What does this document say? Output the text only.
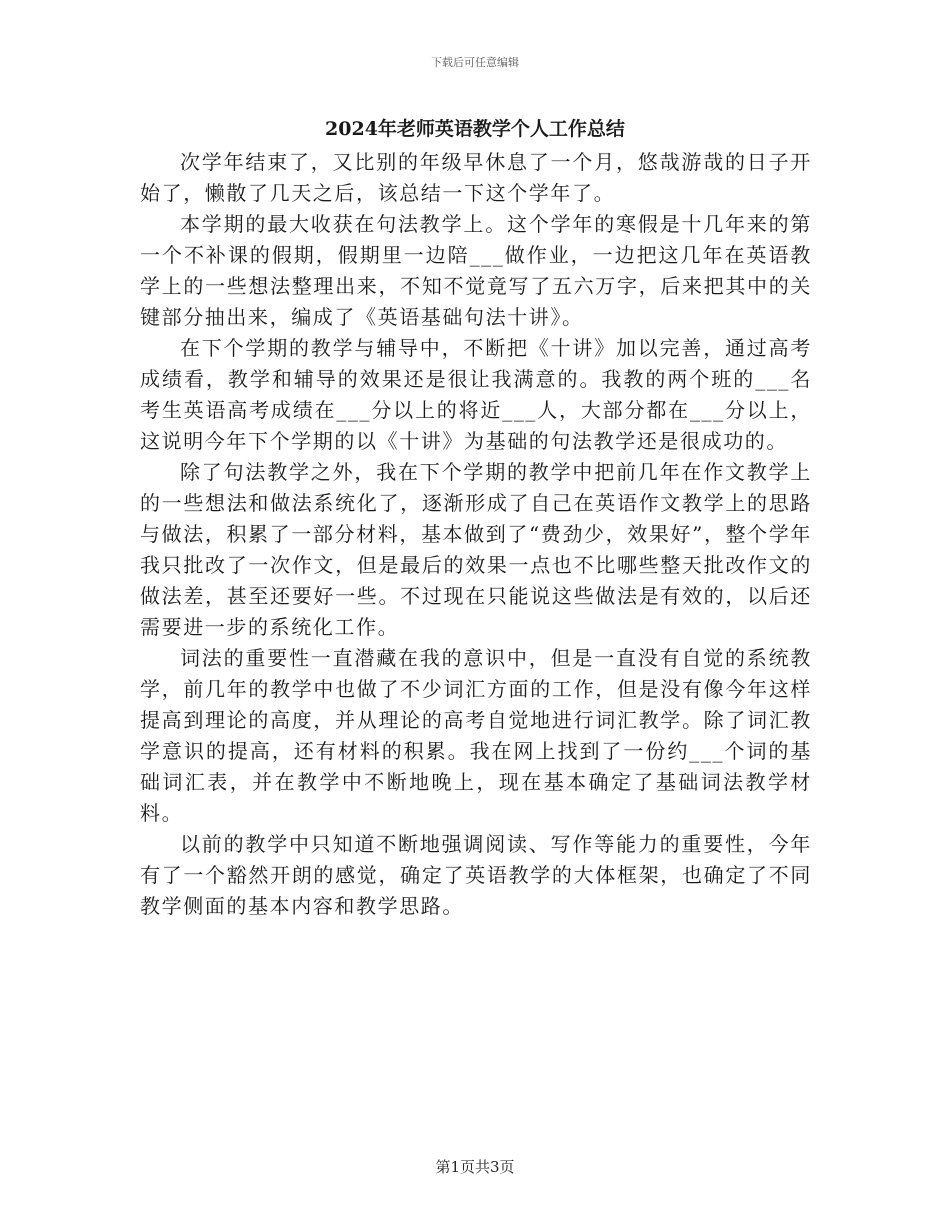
下载后可任意编辑
2024年老师英语教学个人工作总结

次学年结束了，又比别的年级早休息了一个月，悠哉游哉的日子开始了，懒散了几天之后，该总结一下这个学年了。

本学期的最大收获在句法教学上。这个学年的寒假是十几年来的第一个不补课的假期，假期里一边陪___做作业，一边把这几年在英语教学上的一些想法整理出来，不知不觉竟写了五六万字，后来把其中的关键部分抽出来，编成了《英语基础句法十讲》。

在下个学期的教学与辅导中，不断把《十讲》加以完善，通过高考成绩看，教学和辅导的效果还是很让我满意的。我教的两个班的___名考生英语高考成绩在___分以上的将近___人，大部分都在___分以上，这说明今年下个学期的以《十讲》为基础的句法教学还是很成功的。

除了句法教学之外，我在下个学期的教学中把前几年在作文教学上的一些想法和做法系统化了，逐渐形成了自己在英语作文教学上的思路与做法，积累了一部分材料，基本做到了“费劲少，效果好”，整个学年我只批改了一次作文，但是最后的效果一点也不比哪些整天批改作文的做法差，甚至还要好一些。不过现在只能说这些做法是有效的，以后还需要进一步的系统化工作。

词法的重要性一直潜藏在我的意识中，但是一直没有自觉的系统教学，前几年的教学中也做了不少词汇方面的工作，但是没有像今年这样提高到理论的高度，并从理论的高考自觉地进行词汇教学。除了词汇教学意识的提高，还有材料的积累。我在网上找到了一份约___个词的基础词汇表，并在教学中不断地晚上，现在基本确定了基础词法教学材料。

以前的教学中只知道不断地强调阅读、写作等能力的重要性，今年有了一个豁然开朗的感觉，确定了英语教学的大体框架，也确定了不同教学侧面的基本内容和教学思路。

第1页共3页
